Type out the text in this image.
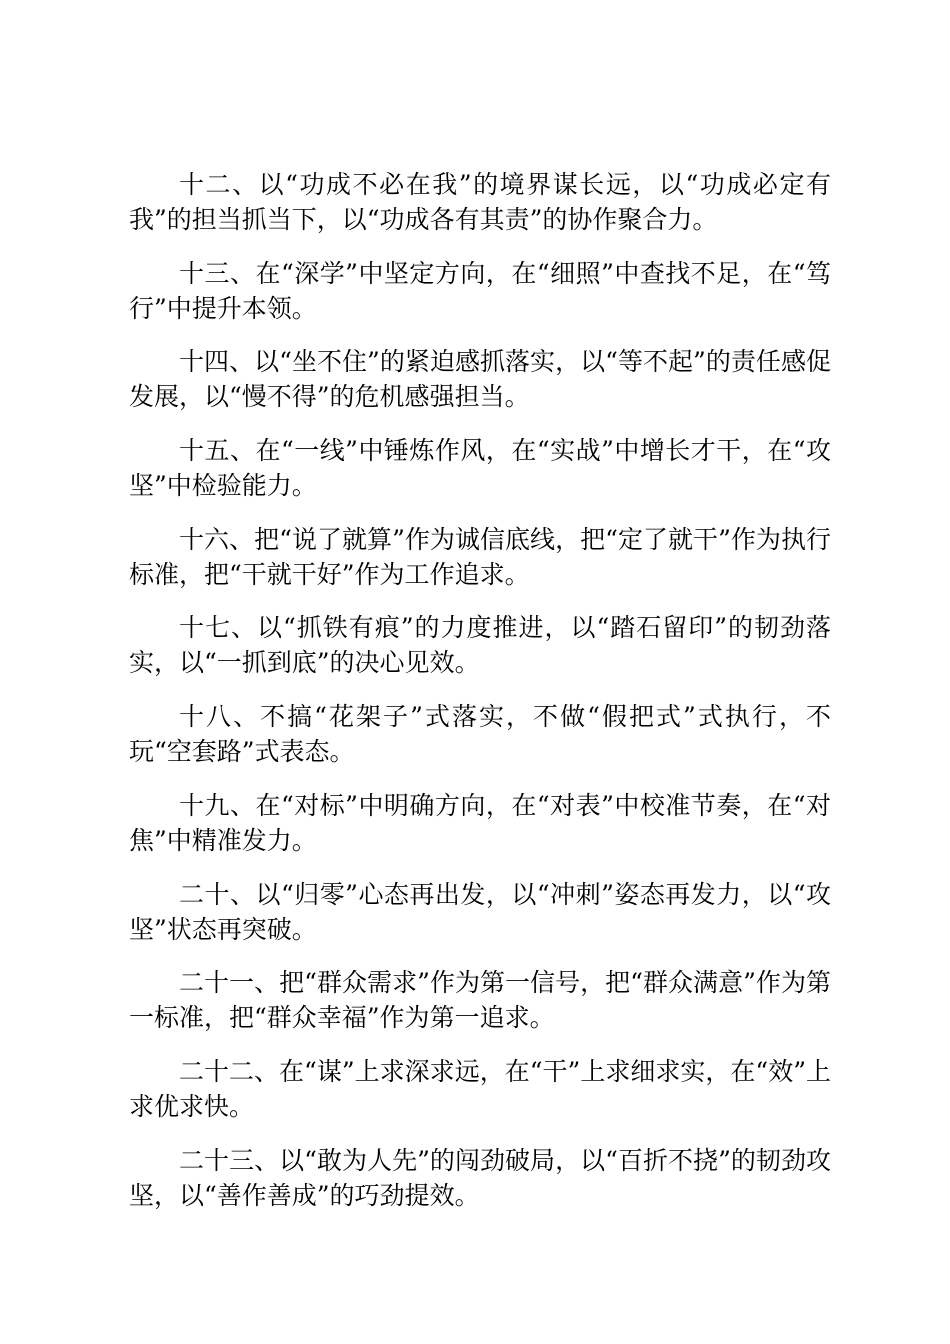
十二、以“功成不必在我”的境界谋长远，以“功成必定有我”的担当抓当下，以“功成各有其责”的协作聚合力。

十三、在“深学”中坚定方向，在“细照”中查找不足，在“笃行”中提升本领。

十四、以“坐不住”的紧迫感抓落实，以“等不起”的责任感促发展，以“慢不得”的危机感强担当。

十五、在“一线”中锤炼作风，在“实战”中增长才干，在“攻坚”中检验能力。

十六、把“说了就算”作为诚信底线，把“定了就干”作为执行标准，把“干就干好”作为工作追求。

十七、以“抓铁有痕”的力度推进，以“踏石留印”的韧劲落实，以“一抓到底”的决心见效。

十八、不搞“花架子”式落实，不做“假把式”式执行，不玩“空套路”式表态。

十九、在“对标”中明确方向，在“对表”中校准节奏，在“对焦”中精准发力。

二十、以“归零”心态再出发，以“冲刺”姿态再发力，以“攻坚”状态再突破。

二十一、把“群众需求”作为第一信号，把“群众满意”作为第一标准，把“群众幸福”作为第一追求。

二十二、在“谋”上求深求远，在“干”上求细求实，在“效”上求优求快。

二十三、以“敢为人先”的闯劲破局，以“百折不挠”的韧劲攻坚，以“善作善成”的巧劲提效。
